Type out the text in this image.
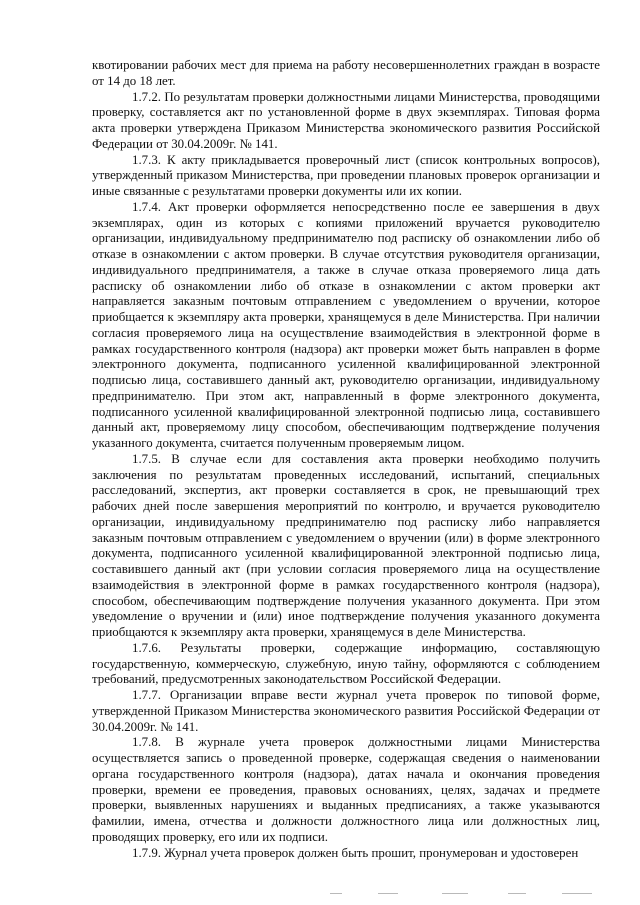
квотировании рабочих мест для приема на работу несовершеннолетних граждан в возрасте от 14 до 18 лет.

1.7.2. По результатам проверки должностными лицами Министерства, проводящими проверку, составляется акт по установленной форме в двух экземплярах. Типовая форма акта проверки утверждена Приказом Министерства экономического развития Российской Федерации от 30.04.2009г. № 141.

1.7.3. К акту прикладывается проверочный лист (список контрольных вопросов), утвержденный приказом Министерства, при проведении плановых проверок организации и иные связанные с результатами проверки документы или их копии.

1.7.4. Акт проверки оформляется непосредственно после ее завершения в двух экземплярах, один из которых с копиями приложений вручается руководителю организации, индивидуальному предпринимателю под расписку об ознакомлении либо об отказе в ознакомлении с актом проверки. В случае отсутствия руководителя организации, индивидуального предпринимателя, а также в случае отказа проверяемого лица дать расписку об ознакомлении либо об отказе в ознакомлении с актом проверки акт направляется заказным почтовым отправлением с уведомлением о вручении, которое приобщается к экземпляру акта проверки, хранящемуся в деле Министерства. При наличии согласия проверяемого лица на осуществление взаимодействия в электронной форме в рамках государственного контроля (надзора) акт проверки может быть направлен в форме электронного документа, подписанного усиленной квалифицированной электронной подписью лица, составившего данный акт, руководителю организации, индивидуальному предпринимателю. При этом акт, направленный в форме электронного документа, подписанного усиленной квалифицированной электронной подписью лица, составившего данный акт, проверяемому лицу способом, обеспечивающим подтверждение получения указанного документа, считается полученным проверяемым лицом.

1.7.5. В случае если для составления акта проверки необходимо получить заключения по результатам проведенных исследований, испытаний, специальных расследований, экспертиз, акт проверки составляется в срок, не превышающий трех рабочих дней после завершения мероприятий по контролю, и вручается руководителю организации, индивидуальному предпринимателю под расписку либо направляется заказным почтовым отправлением с уведомлением о вручении (или) в форме электронного документа, подписанного усиленной квалифицированной электронной подписью лица, составившего данный акт (при условии согласия проверяемого лица на осуществление взаимодействия в электронной форме в рамках государственного контроля (надзора), способом, обеспечивающим подтверждение получения указанного документа. При этом уведомление о вручении и (или) иное подтверждение получения указанного документа приобщаются к экземпляру акта проверки, хранящемуся в деле Министерства.

1.7.6. Результаты проверки, содержащие информацию, составляющую государственную, коммерческую, служебную, иную тайну, оформляются с соблюдением требований, предусмотренных законодательством Российской Федерации.

1.7.7. Организации вправе вести журнал учета проверок по типовой форме, утвержденной Приказом Министерства экономического развития Российской Федерации от 30.04.2009г. № 141.

1.7.8. В журнале учета проверок должностными лицами Министерства осуществляется запись о проведенной проверке, содержащая сведения о наименовании органа государственного контроля (надзора), датах начала и окончания проведения проверки, времени ее проведения, правовых основаниях, целях, задачах и предмете проверки, выявленных нарушениях и выданных предписаниях, а также указываются фамилии, имена, отчества и должности должностного лица или должностных лиц, проводящих проверку, его или их подписи.

1.7.9. Журнал учета проверок должен быть прошит, пронумерован и удостоверен
